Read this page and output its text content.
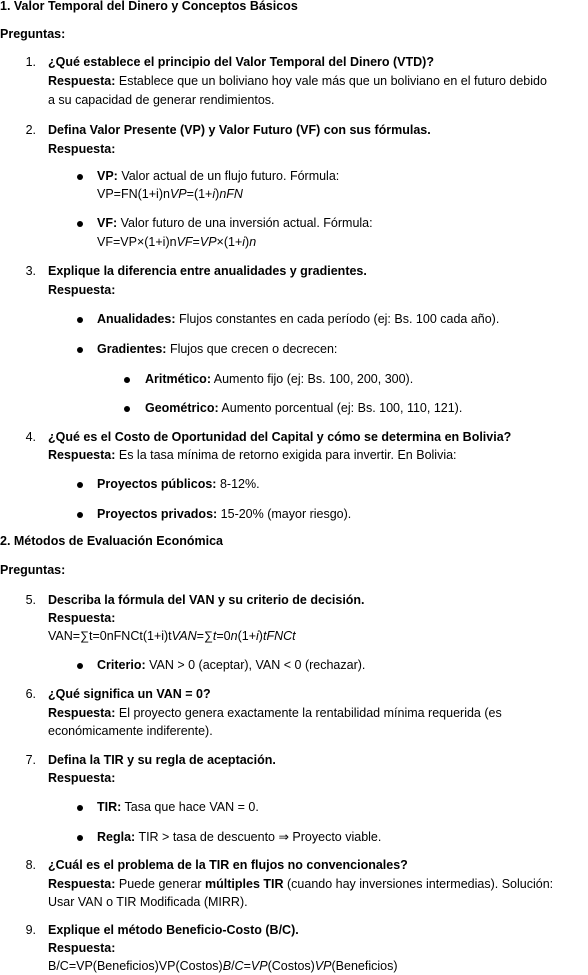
1. Valor Temporal del Dinero y Conceptos Básicos
Preguntas:
1. ¿Qué establece el principio del Valor Temporal del Dinero (VTD)?
Respuesta: Establece que un boliviano hoy vale más que un boliviano en el futuro debido
a su capacidad de generar rendimientos.
2. Defina Valor Presente (VP) y Valor Futuro (VF) con sus fórmulas.
Respuesta:
VP: Valor actual de un flujo futuro. Fórmula:
VP=FN(1+i)nVP=(1+i)nFN
VF: Valor futuro de una inversión actual. Fórmula:
VF=VP×(1+i)nVF=VP×(1+i)n
3. Explique la diferencia entre anualidades y gradientes.
Respuesta:
Anualidades: Flujos constantes en cada período (ej: Bs. 100 cada año).
Gradientes: Flujos que crecen o decrecen:
Aritmético: Aumento fijo (ej: Bs. 100, 200, 300).
Geométrico: Aumento porcentual (ej: Bs. 100, 110, 121).
4. ¿Qué es el Costo de Oportunidad del Capital y cómo se determina en Bolivia?
Respuesta: Es la tasa mínima de retorno exigida para invertir. En Bolivia:
Proyectos públicos: 8-12%.
Proyectos privados: 15-20% (mayor riesgo).
2. Métodos de Evaluación Económica
Preguntas:
5. Describa la fórmula del VAN y su criterio de decisión.
Respuesta:
VAN=∑t=0nFNCt(1+i)tVAN=∑t=0n(1+i)tFNCt
Criterio: VAN > 0 (aceptar), VAN < 0 (rechazar).
6. ¿Qué significa un VAN = 0?
Respuesta: El proyecto genera exactamente la rentabilidad mínima requerida (es
económicamente indiferente).
7. Defina la TIR y su regla de aceptación.
Respuesta:
TIR: Tasa que hace VAN = 0.
Regla: TIR > tasa de descuento ⇒ Proyecto viable.
8. ¿Cuál es el problema de la TIR en flujos no convencionales?
Respuesta: Puede generar múltiples TIR (cuando hay inversiones intermedias). Solución:
Usar VAN o TIR Modificada (MIRR).
9. Explique el método Beneficio-Costo (B/C).
Respuesta:
B/C=VP(Beneficios)VP(Costos)B/C=VP(Costos)VP(Beneficios)
